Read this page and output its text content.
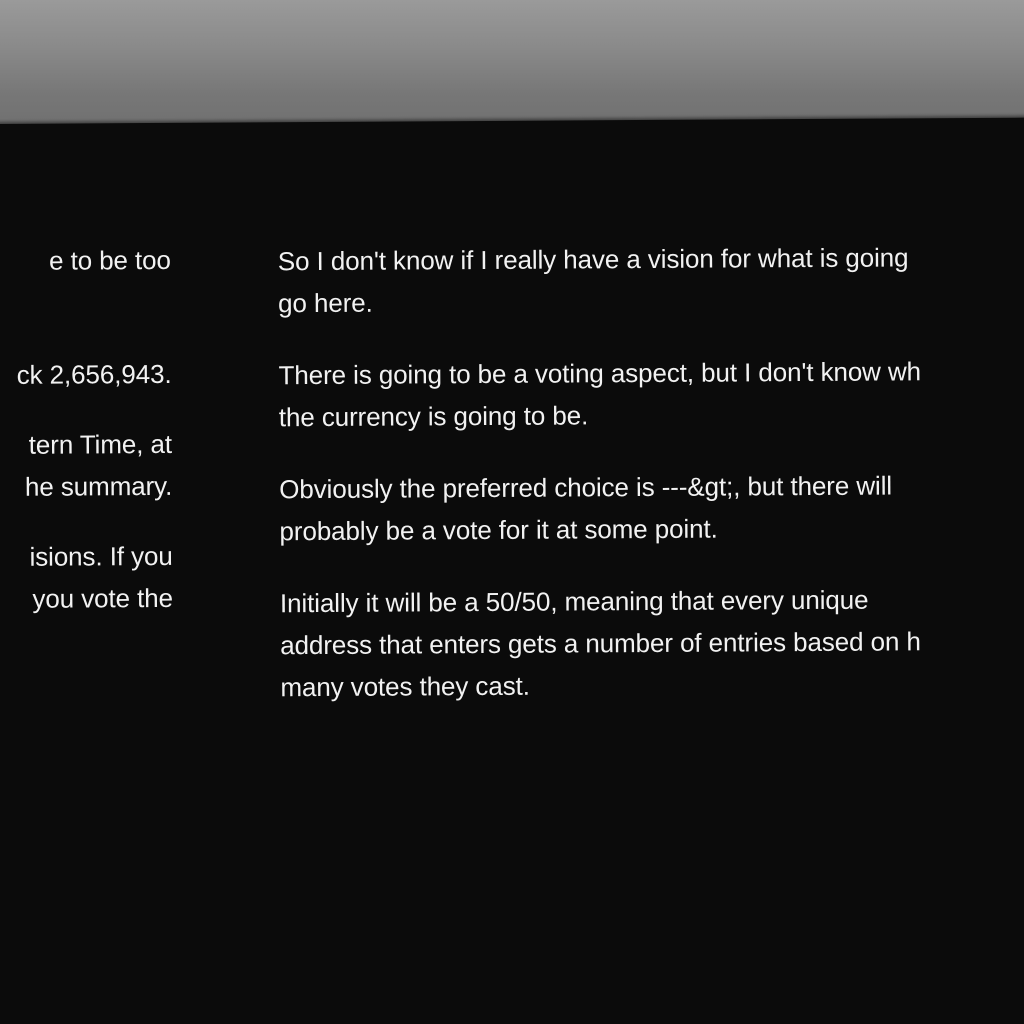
e to be too
ck 2,656,943.
tern Time, at
he summary.
isions. If you
you vote the

So I don't know if I really have a vision for what is going
go here.

There is going to be a voting aspect, but I don't know wh
the currency is going to be.

Obviously the preferred choice is ---&gt;, but there will
probably be a vote for it at some point.

Initially it will be a 50/50, meaning that every unique
address that enters gets a number of entries based on h
many votes they cast.
